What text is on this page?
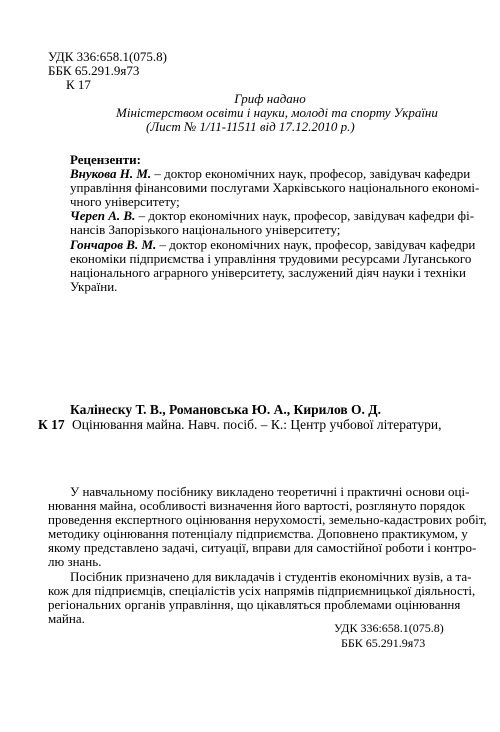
УДК 336:658.1(075.8)
ББК 65.291.9я73
К 17
Гриф надано
Міністерством освіти і науки, молоді та спорту України
(Лист № 1/11-11511 від 17.12.2010 р.)
Рецензенти:
Внукова Н. М. – доктор економічних наук, професор, завідувач кафедри
управління фінансовими послугами Харківського національного економі-
чного університету;
Череп А. В. – доктор економічних наук, професор, завідувач кафедри фі-
нансів Запорізького національного університету;
Гончаров В. М. – доктор економічних наук, професор, завідувач кафедри
економіки підприємства і управління трудовими ресурсами Луганського
національного аграрного університету, заслужений діяч науки і техніки
України.
Калінеску Т. В., Романовська Ю. А., Кирилов О. Д.
К 17 Оцінювання майна. Навч. посіб. – К.: Центр учбової літератури,
У навчальному посібнику викладено теоретичні і практичні основи оці-
нювання майна, особливості визначення його вартості, розглянуто порядок
проведення експертного оцінювання нерухомості, земельно-кадастрових робіт,
методику оцінювання потенціалу підприємства. Доповнено практикумом, у
якому представлено задачі, ситуації, вправи для самостійної роботи і контро-
лю знань.
Посібник призначено для викладачів і студентів економічних вузів, а та-
кож для підприємців, спеціалістів усіх напрямів підприємницької діяльності,
регіональних органів управління, що цікавляться проблемами оцінювання
майна.
УДК 336:658.1(075.8)
ББК 65.291.9я73
